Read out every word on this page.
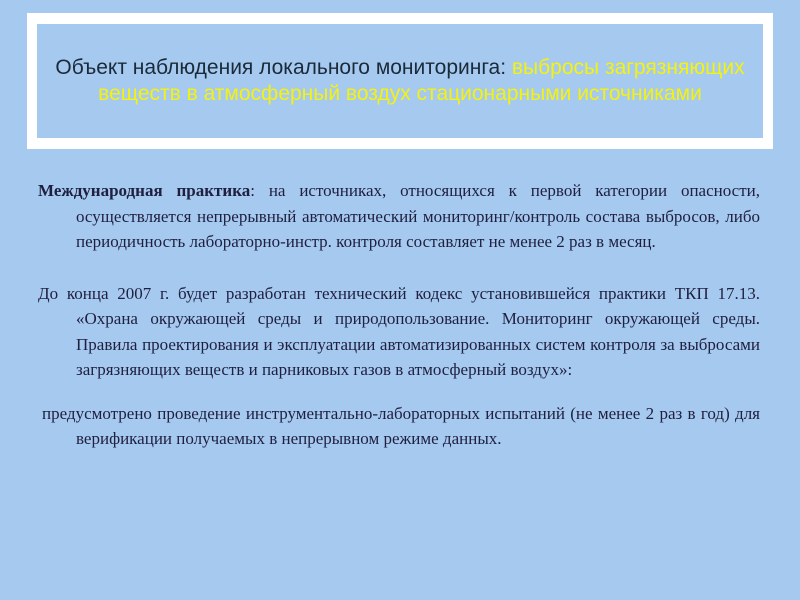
Объект наблюдения локального мониторинга: выбросы загрязняющих веществ в атмосферный воздух стационарными источниками

Международная практика: на источниках, относящихся к первой категории опасности, осуществляется непрерывный автоматический мониторинг/контроль состава выбросов, либо периодичность лабораторно-инстр. контроля составляет не менее 2 раз в месяц.

До конца 2007 г. будет разработан технический кодекс установившейся практики ТКП 17.13. «Охрана окружающей среды и природопользование. Мониторинг окружающей среды. Правила проектирования и эксплуатации автоматизированных систем контроля за выбросами загрязняющих веществ и парниковых газов в атмосферный воздух»:

предусмотрено проведение инструментально-лабораторных испытаний (не менее 2 раз в год) для верификации получаемых в непрерывном режиме данных.
